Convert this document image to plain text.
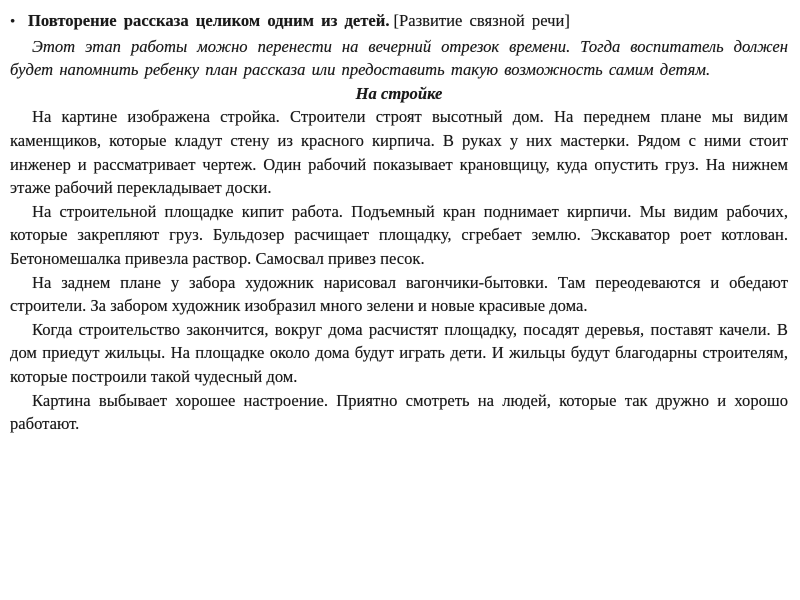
• Повторение рассказа целиком одним из детей. [Развитие связной речи]

Этот этап работы можно перенести на вечерний отрезок времени. Тогда воспитатель должен будет напомнить ребенку план рассказа или предоставить такую возможность самим детям.

На стройке

На картине изображена стройка. Строители строят высотный дом. На переднем плане мы видим каменщиков, которые кладут стену из красного кирпича. В руках у них мастерки. Рядом с ними стоит инженер и рассматривает чертеж. Один рабочий показывает крановщицу, куда опустить груз. На нижнем этаже рабочий перекладывает доски.

На строительной площадке кипит работа. Подъемный кран поднимает кирпичи. Мы видим рабочих, которые закрепляют груз. Бульдозер расчищает площадку, сгребает землю. Экскаватор роет котлован. Бетономешалка привезла раствор. Самосвал привез песок.

На заднем плане у забора художник нарисовал вагончики-бытовки. Там переодеваются и обедают строители. За забором художник изобразил много зелени и новые красивые дома.

Когда строительство закончится, вокруг дома расчистят площадку, посадят деревья, поставят качели. В дом приедут жильцы. На площадке около дома будут играть дети. И жильцы будут благодарны строителям, которые построили такой чудесный дом.

Картина выбывает хорошее настроение. Приятно смотреть на людей, которые так дружно и хорошо работают.
